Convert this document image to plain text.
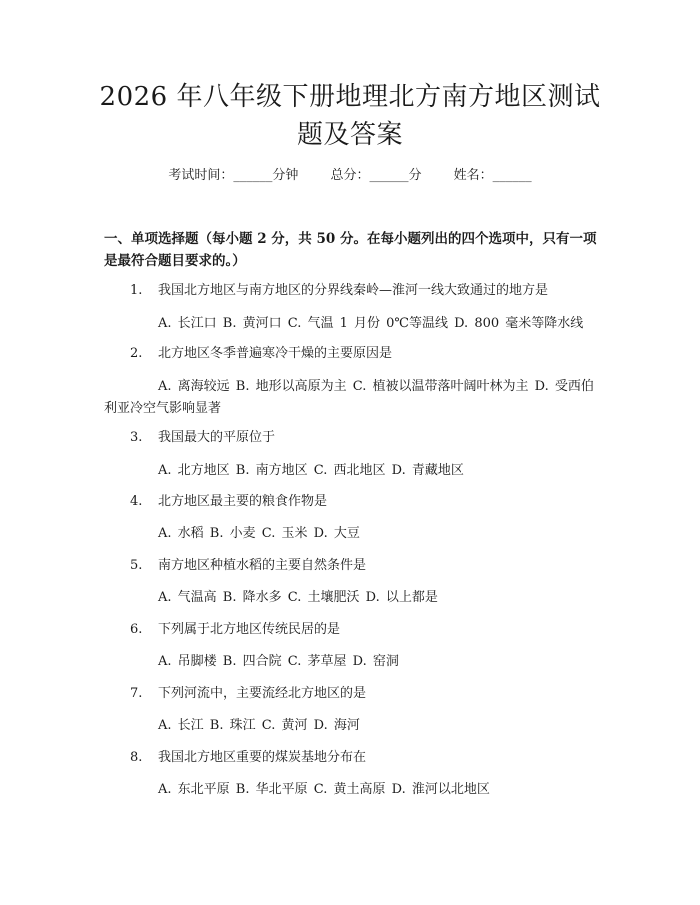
2026 年八年级下册地理北方南方地区测试题及答案
考试时间：______分钟 总分：______分 姓名：______

一、单项选择题（每小题 2 分，共 50 分。在每小题列出的四个选项中，只有一项是最符合题目要求的。）

1.	我国北方地区与南方地区的分界线秦岭—淮河一线大致通过的地方是
A. 长江口 B. 黄河口 C. 气温 1 月份 0℃等温线 D. 800 毫米等降水线
2.	北方地区冬季普遍寒冷干燥的主要原因是
A. 离海较远 B. 地形以高原为主 C. 植被以温带落叶阔叶林为主 D. 受西伯利亚冷空气影响显著
3.	我国最大的平原位于
A. 北方地区 B. 南方地区 C. 西北地区 D. 青藏地区
4.	北方地区最主要的粮食作物是
A. 水稻 B. 小麦 C. 玉米 D. 大豆
5.	南方地区种植水稻的主要自然条件是
A. 气温高 B. 降水多 C. 土壤肥沃 D. 以上都是
6.	下列属于北方地区传统民居的是
A. 吊脚楼 B. 四合院 C. 茅草屋 D. 窑洞
7.	下列河流中，主要流经北方地区的是
A. 长江 B. 珠江 C. 黄河 D. 海河
8.	我国北方地区重要的煤炭基地分布在
A. 东北平原 B. 华北平原 C. 黄土高原 D. 淮河以北地区
